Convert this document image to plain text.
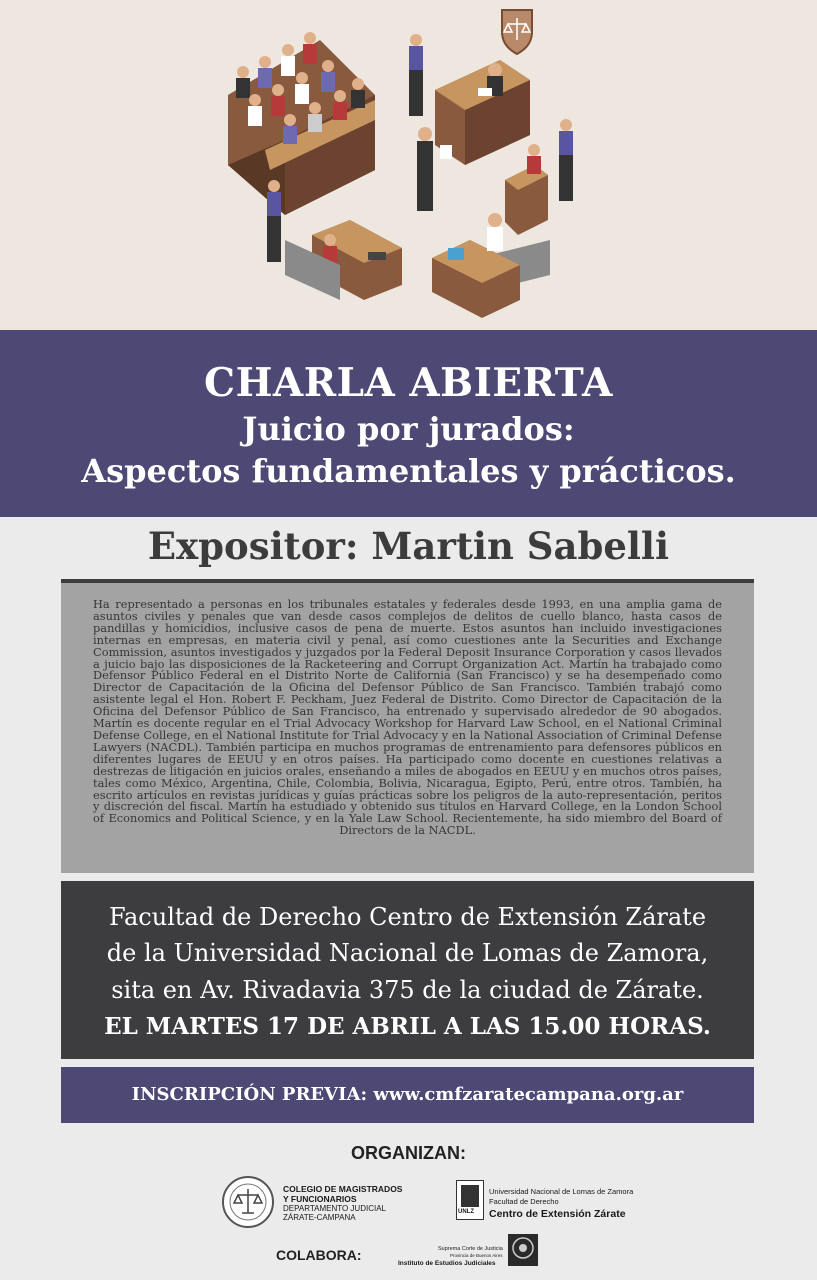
CHARLA ABIERTA
Juicio por jurados:
Aspectos fundamentales y prácticos.
Expositor: Martin Sabelli

Ha representado a personas en los tribunales estatales y federales desde 1993, en una amplia gama de asuntos civiles y penales que van desde casos complejos de delitos de cuello blanco, hasta casos de pandillas y homicidios, inclusive casos de pena de muerte. Estos asuntos han incluido investigaciones internas en empresas, en materia civil y penal, así como cuestiones ante la Securities and Exchange Commission, asuntos investigados y juzgados por la Federal Deposit Insurance Corporation y casos llevados a juicio bajo las disposiciones de la Racketeering and Corrupt Organization Act. Martín ha trabajado como Defensor Público Federal en el Distrito Norte de California (San Francisco) y se ha desempeñado como Director de Capacitación de la Oficina del Defensor Público de San Francisco. También trabajó como asistente legal el Hon. Robert F. Peckham, Juez Federal de Distrito. Como Director de Capacitación de la Oficina del Defensor Público de San Francisco, ha entrenado y supervisado alrededor de 90 abogados. Martín es docente regular en el Trial Advocacy Workshop for Harvard Law School, en el National Criminal Defense College, en el National Institute for Trial Advocacy y en la National Association of Criminal Defense Lawyers (NACDL). También participa en muchos programas de entrenamiento para defensores públicos en diferentes lugares de EEUU y en otros países. Ha participado como docente en cuestiones relativas a destrezas de litigación en juicios orales, enseñando a miles de abogados en EEUU y en muchos otros países, tales como México, Argentina, Chile, Colombia, Bolivia, Nicaragua, Egipto, Perú, entre otros. También, ha escrito artículos en revistas jurídicas y guías prácticas sobre los peligros de la auto-representación, peritos y discreción del fiscal. Martín ha estudiado y obtenido sus títulos en Harvard College, en la London School of Economics and Political Science, y en la Yale Law School. Recientemente, ha sido miembro del Board of Directors de la NACDL.

Facultad de Derecho Centro de Extensión Zárate
de la Universidad Nacional de Lomas de Zamora,
sita en Av. Rivadavia 375 de la ciudad de Zárate.
EL MARTES 17 DE ABRIL A LAS 15.00 HORAS.
INSCRIPCIÓN PREVIA: www.cmfzaratecampana.org.ar
ORGANIZAN:
COLEGIO DE MAGISTRADOS
Y FUNCIONARIOS
DEPARTAMENTO JUDICIAL
ZÁRATE-CAMPANA
UNLZ
Universidad Nacional de Lomas de Zamora
Facultad de Derecho
Centro de Extensión Zárate
COLABORA:	Suprema Corte de Justicia
Provincia de Buenos Aires
Instituto de Estudios Judiciales
